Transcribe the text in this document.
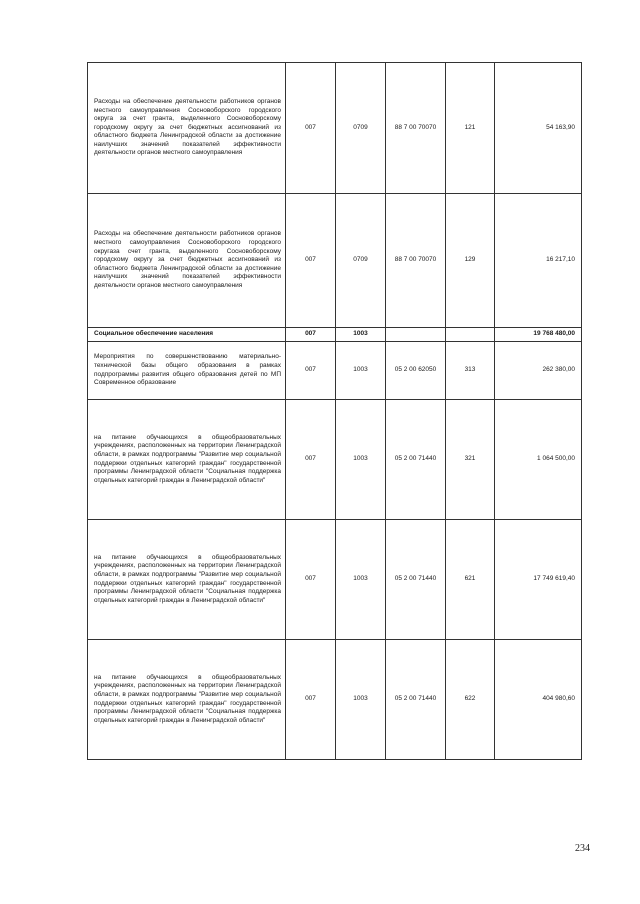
Расходы на обеспечение деятельности работников органов местного самоуправления Сосновоборского городского округа за счет гранта, выделенного Сосновоборскому городскому округу за счет бюджетных ассигнований из областного бюджета Ленинградской области за достижение наилучших значений показателей эффективности деятельности органов местного самоуправления	007	0709	88 7 00 70070	121	54 163,90
Расходы на обеспечение деятельности работников органов местного самоуправления Сосновоборского городского округаза счет гранта, выделенного Сосновоборскому городскому округу за счет бюджетных ассигнований из областного бюджета Ленинградской области за достижение наилучших значений показателей эффективности деятельности органов местного самоуправления	007	0709	88 7 00 70070	129	16 217,10
Социальное обеспечение населения	007	1003			19 768 480,00
Мероприятия по совершенствованию материально-технической базы общего образования в рамках подпрограммы развития общего образования детей по МП Современное образование	007	1003	05 2 00 62050	313	262 380,00
на питание обучающихся в общеобразовательных учреждениях, расположенных на территории Ленинградской области, в рамках подпрограммы "Развитие мер социальной поддержки отдельных категорий граждан" государственной программы Ленинградской области "Социальная поддержка отдельных категорий граждан в Ленинградской области"	007	1003	05 2 00 71440	321	1 064 500,00
на питание обучающихся в общеобразовательных учреждениях, расположенных на территории Ленинградской области, в рамках подпрограммы "Развитие мер социальной поддержки отдельных категорий граждан" государственной программы Ленинградской области "Социальная поддержка отдельных категорий граждан в Ленинградской области"	007	1003	05 2 00 71440	621	17 749 619,40
на питание обучающихся в общеобразовательных учреждениях, расположенных на территории Ленинградской области, в рамках подпрограммы "Развитие мер социальной поддержки отдельных категорий граждан" государственной программы Ленинградской области "Социальная поддержка отдельных категорий граждан в Ленинградской области"	007	1003	05 2 00 71440	622	404 980,60
234
